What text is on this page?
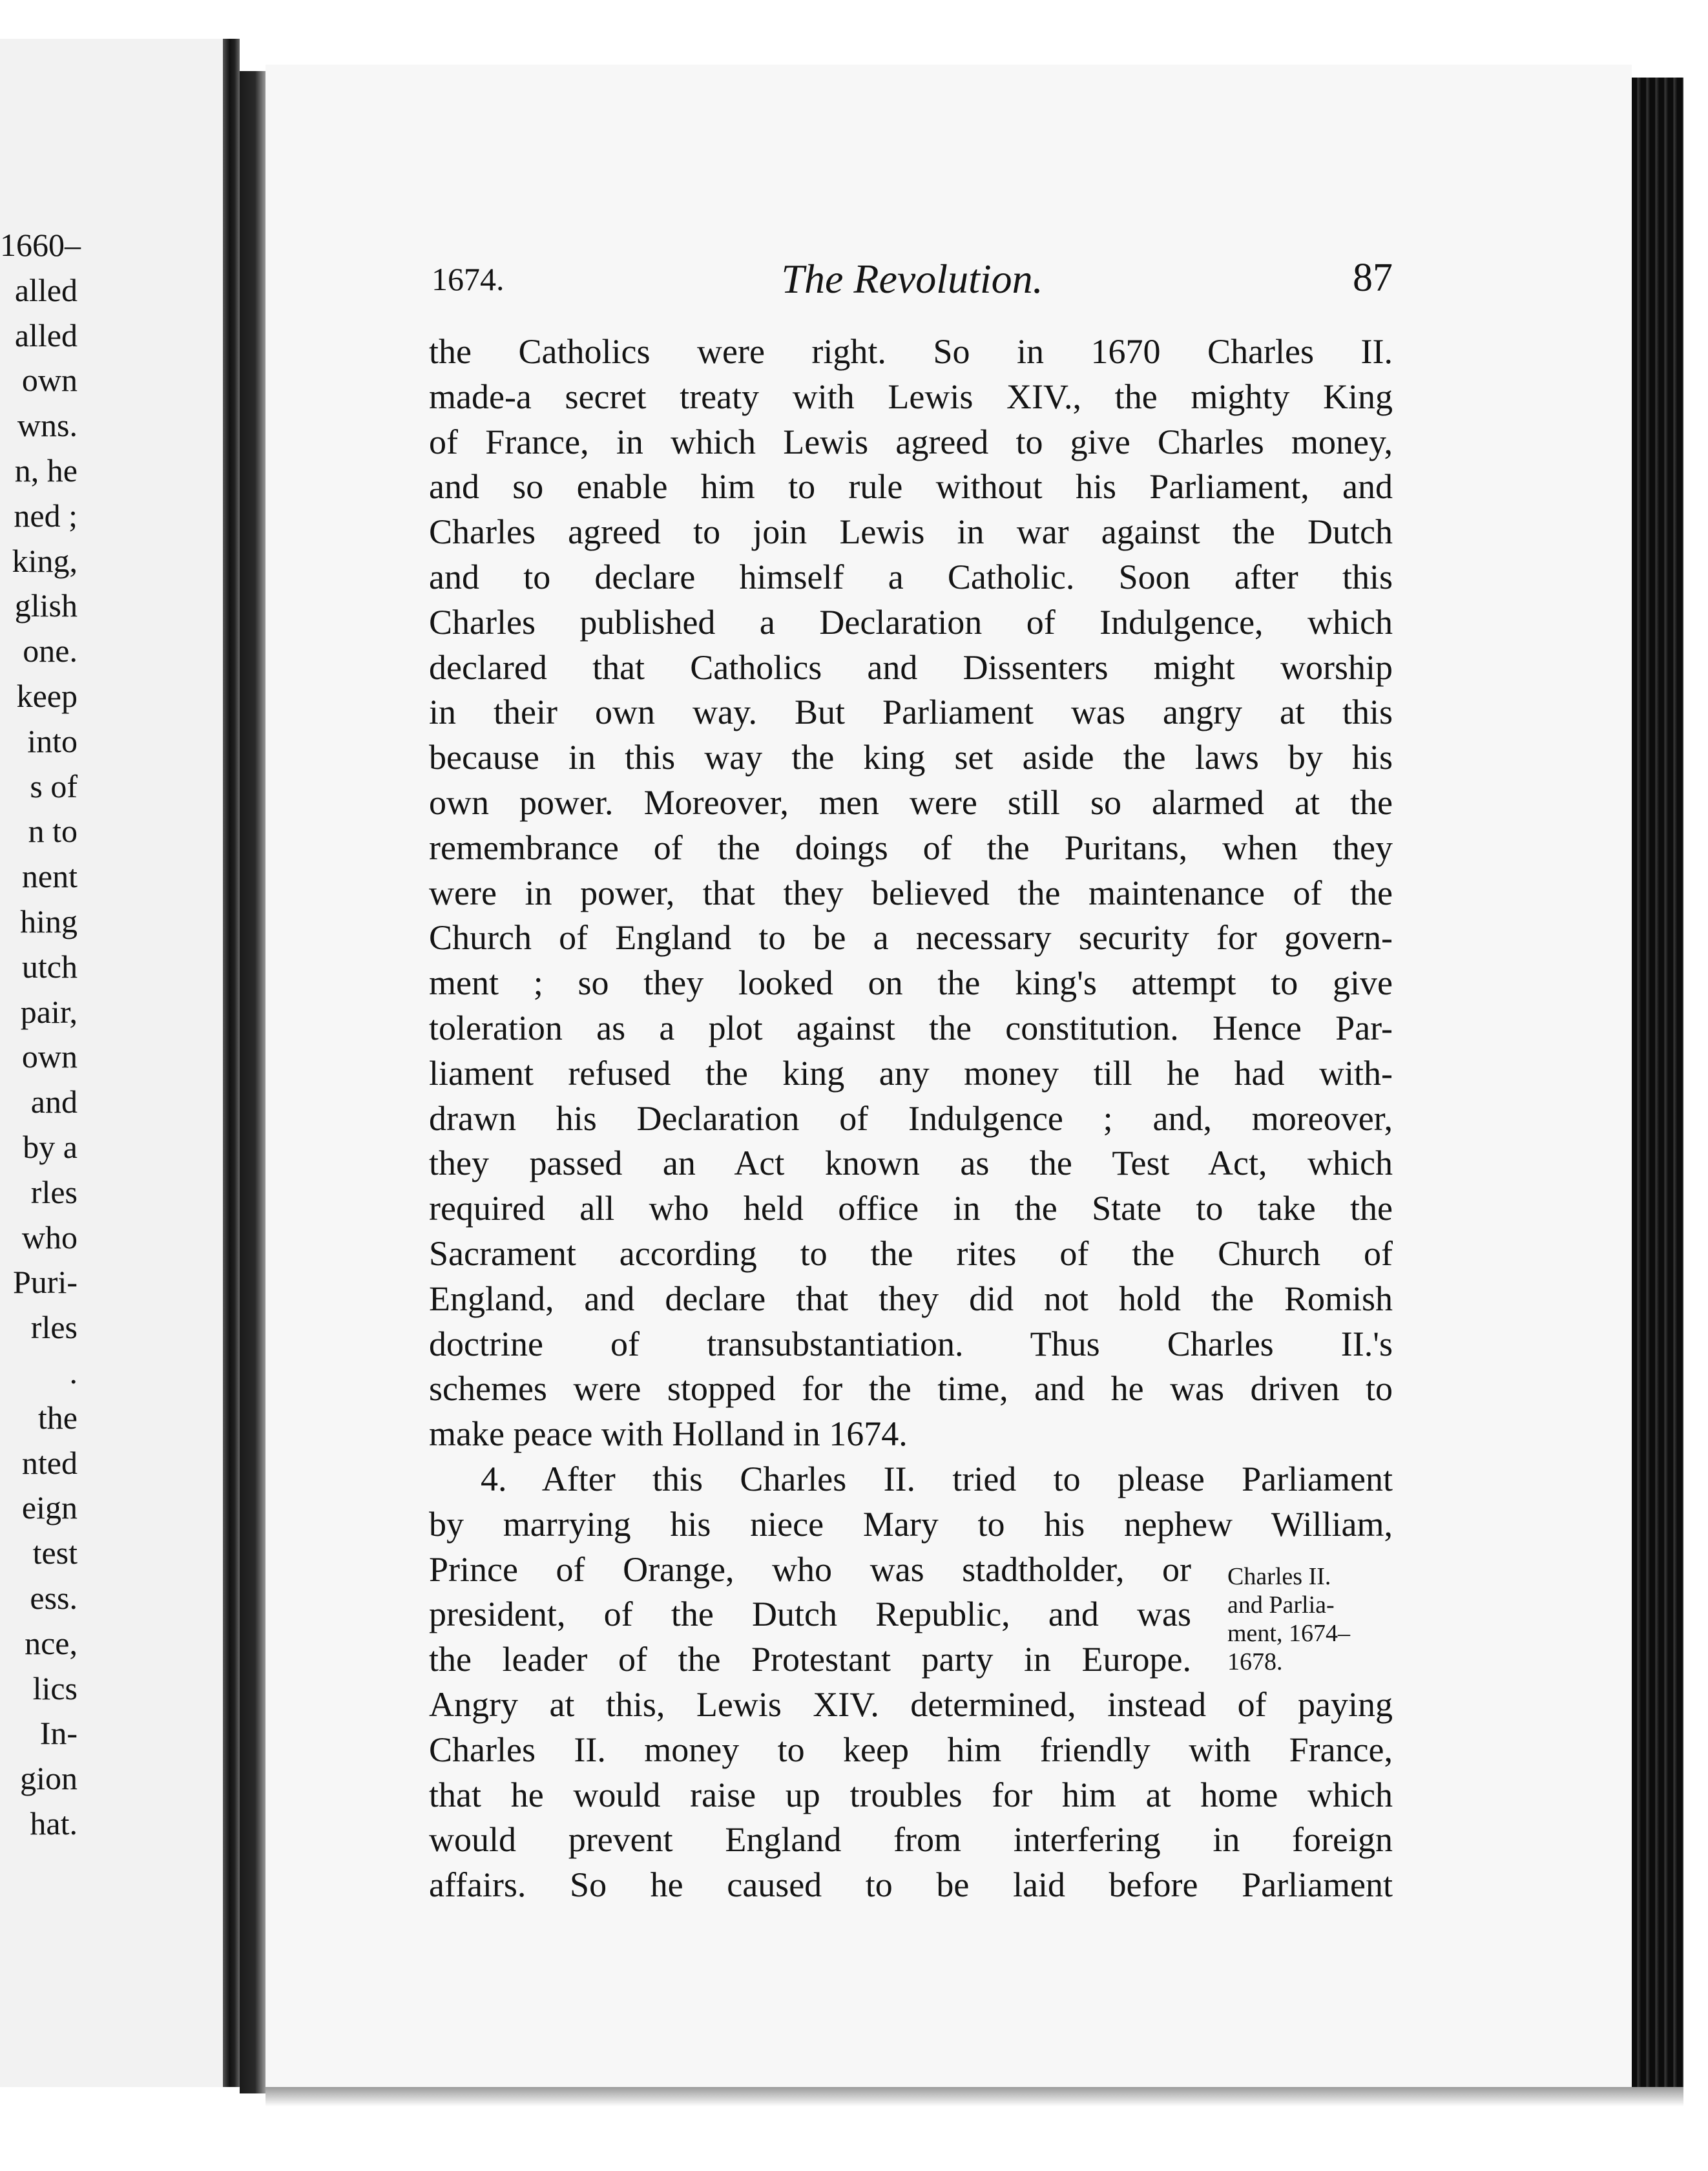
1660–
alled
alled
own
wns.
n, he
ned ;
king,
glish
one.
keep
into
s of
n to
nent
hing
utch
pair,
own
and
by a
rles
who
Puri-
rles
.
the
nted
eign
test
ess.
nce,
lics
In-
gion
hat.
1674.	The Revolution.	87
the Catholics were right. So in 1670 Charles II.
made-a secret treaty with Lewis XIV., the mighty King
of France, in which Lewis agreed to give Charles money,
and so enable him to rule without his Parliament, and
Charles agreed to join Lewis in war against the Dutch
and to declare himself a Catholic. Soon after this
Charles published a Declaration of Indulgence, which
declared that Catholics and Dissenters might worship
in their own way. But Parliament was angry at this
because in this way the king set aside the laws by his
own power. Moreover, men were still so alarmed at the
remembrance of the doings of the Puritans, when they
were in power, that they believed the maintenance of the
Church of England to be a necessary security for govern-
ment ; so they looked on the king's attempt to give
toleration as a plot against the constitution. Hence Par-
liament refused the king any money till he had with-
drawn his Declaration of Indulgence ; and, moreover,
they passed an Act known as the Test Act, which
required all who held office in the State to take the
Sacrament according to the rites of the Church of
England, and declare that they did not hold the Romish
doctrine of transubstantiation. Thus Charles II.'s
schemes were stopped for the time, and he was driven to
make peace with Holland in 1674.
4. After this Charles II. tried to please Parliament
by marrying his niece Mary to his nephew William,
Prince of Orange, who was stadtholder, or
president, of the Dutch Republic, and was
the leader of the Protestant party in Europe.
Angry at this, Lewis XIV. determined, instead of paying
Charles II. money to keep him friendly with France,
that he would raise up troubles for him at home which
would prevent England from interfering in foreign
affairs. So he caused to be laid before Parliament
Charles II.
and Parlia-
ment, 1674–
1678.
